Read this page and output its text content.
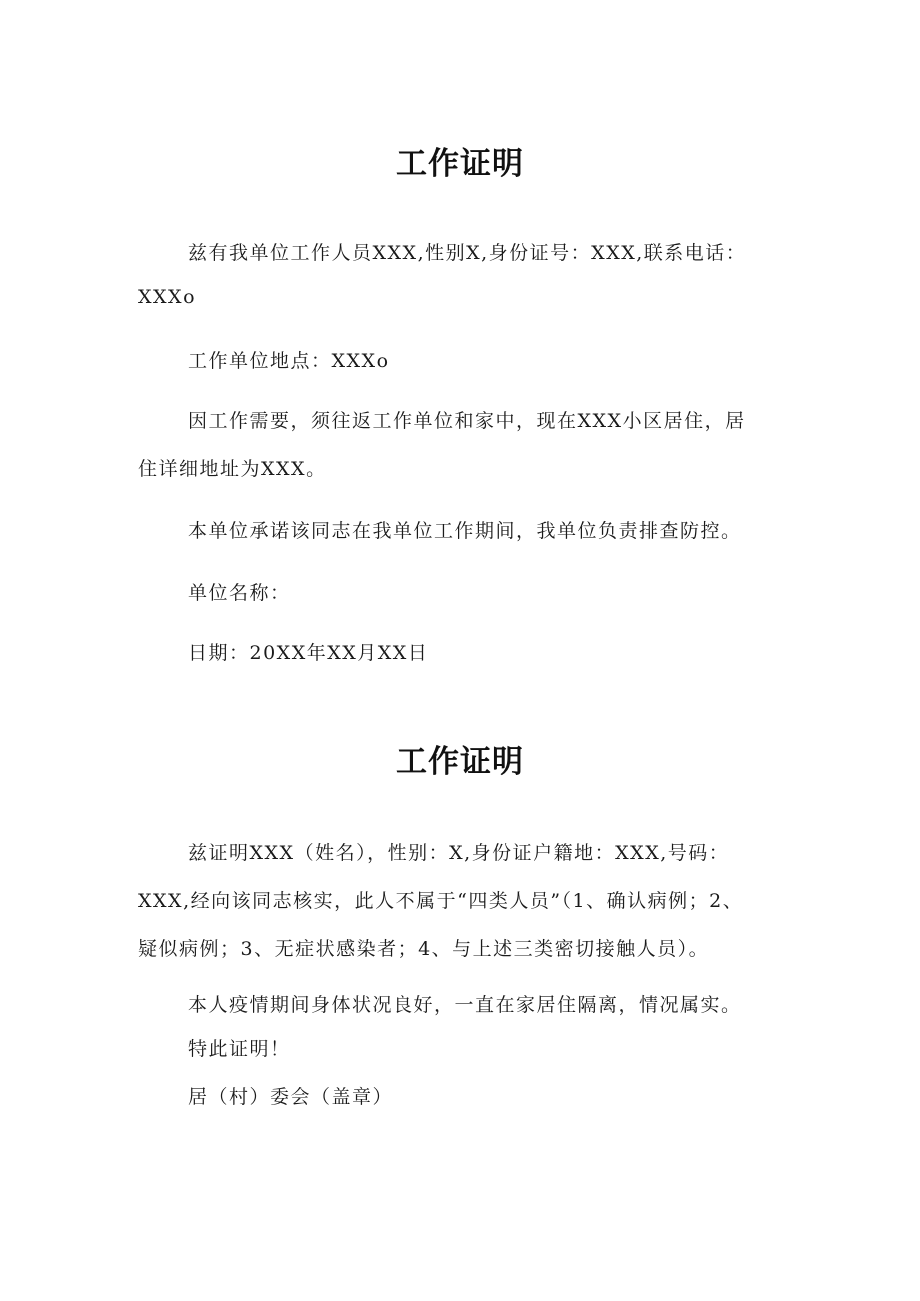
工作证明
兹有我单位工作人员XXX,性别X,身份证号：XXX,联系电话：
XXXo
工作单位地点：XXXo
因工作需要，须往返工作单位和家中，现在XXX小区居住，居
住详细地址为XXX。
本单位承诺该同志在我单位工作期间，我单位负责排查防控。
单位名称：
日期：20XX年XX月XX日
工作证明
兹证明XXX（姓名），性别：X,身份证户籍地：XXX,号码：
XXX,经向该同志核实，此人不属于“四类人员”（1、确认病例；2、
疑似病例；3、无症状感染者；4、与上述三类密切接触人员）。
本人疫情期间身体状况良好，一直在家居住隔离，情况属实。
特此证明！
居（村）委会（盖章）
